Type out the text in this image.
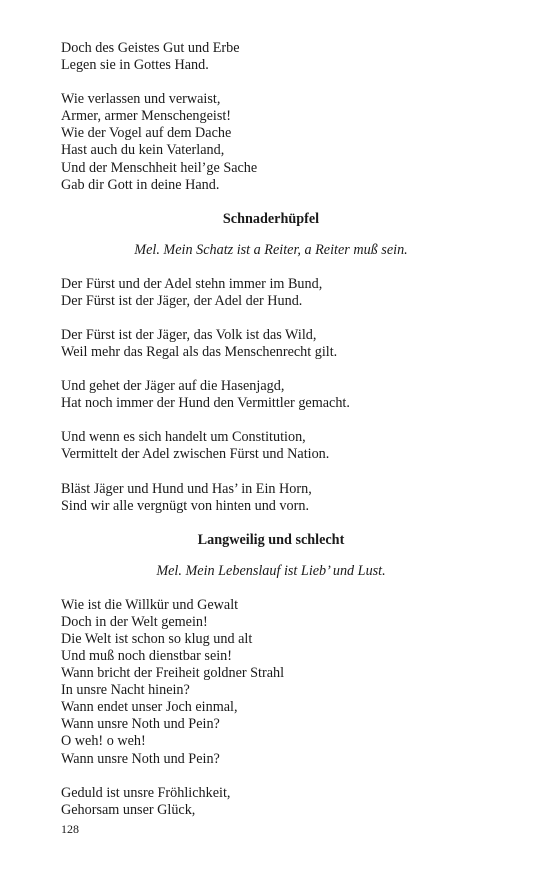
Doch des Geistes Gut und Erbe
Legen sie in Gottes Hand.
Wie verlassen und verwaist,
Armer, armer Menschengeist!
Wie der Vogel auf dem Dache
Hast auch du kein Vaterland,
Und der Menschheit heil’ge Sache
Gab dir Gott in deine Hand.
Schnaderhüpfel
Mel. Mein Schatz ist a Reiter, a Reiter muß sein.
Der Fürst und der Adel stehn immer im Bund,
Der Fürst ist der Jäger, der Adel der Hund.
Der Fürst ist der Jäger, das Volk ist das Wild,
Weil mehr das Regal als das Menschenrecht gilt.
Und gehet der Jäger auf die Hasenjagd,
Hat noch immer der Hund den Vermittler gemacht.
Und wenn es sich handelt um Constitution,
Vermittelt der Adel zwischen Fürst und Nation.
Bläst Jäger und Hund und Has’ in Ein Horn,
Sind wir alle vergnügt von hinten und vorn.
Langweilig und schlecht
Mel. Mein Lebenslauf ist Lieb’ und Lust.
Wie ist die Willkür und Gewalt
Doch in der Welt gemein!
Die Welt ist schon so klug und alt
Und muß noch dienstbar sein!
Wann bricht der Freiheit goldner Strahl
In unsre Nacht hinein?
Wann endet unser Joch einmal,
Wann unsre Noth und Pein?
O weh! o weh!
Wann unsre Noth und Pein?
Geduld ist unsre Fröhlichkeit,
Gehorsam unser Glück,
128
